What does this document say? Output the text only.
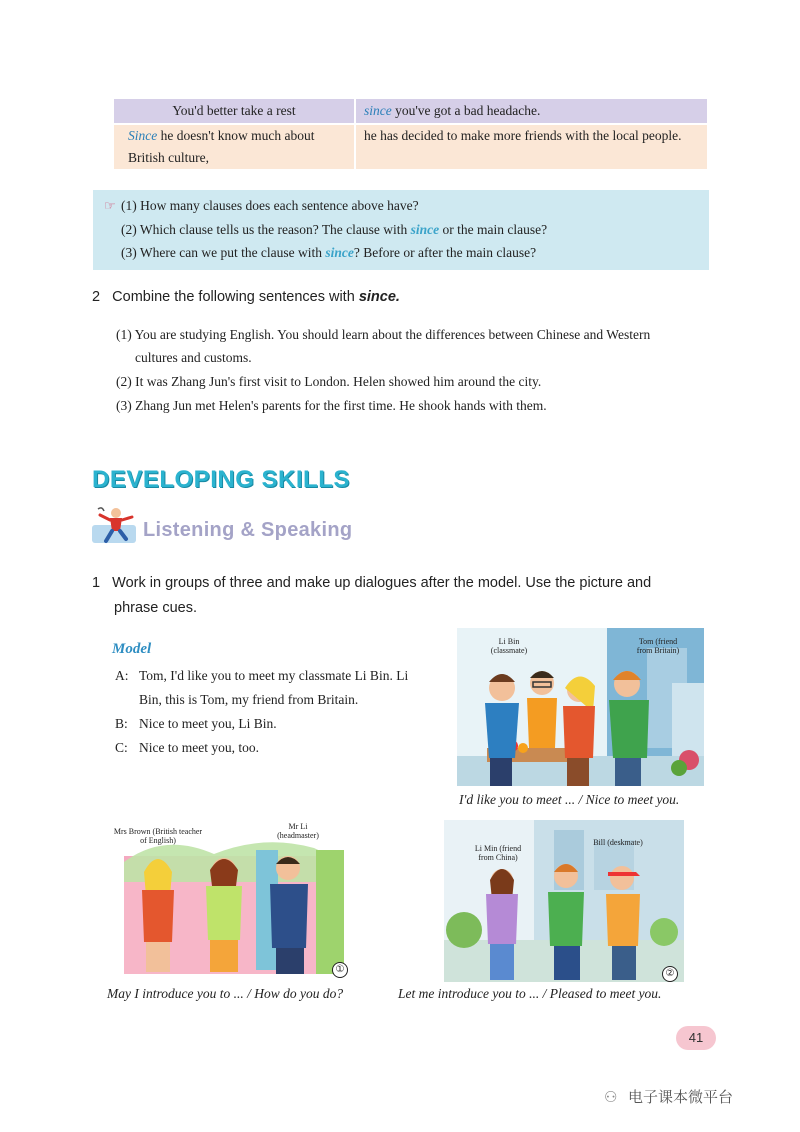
You'd better take a rest	since you've got a bad headache.
Since he doesn't know much about
British culture,
he has decided to make more friends with the local people.
☞ (1) How many clauses does each sentence above have?
(2) Which clause tells us the reason? The clause with since or the main clause?
(3) Where can we put the clause with since? Before or after the main clause?
2 Combine the following sentences with since.
(1) You are studying English. You should learn about the differences between Chinese and Western
cultures and customs.
(2) It was Zhang Jun's first visit to London. Helen showed him around the city.
(3) Zhang Jun met Helen's parents for the first time. He shook hands with them.
DEVELOPING SKILLS
Listening & Speaking
1 Work in groups of three and make up dialogues after the model. Use the picture and
phrase cues.
Model
A: Tom, I'd like you to meet my classmate Li Bin. Li
Bin, this is Tom, my friend from Britain.
B: Nice to meet you, Li Bin.
C: Nice to meet you, too.
Li Bin (classmate)
Tom (friend from Britain)
I'd like you to meet ... / Nice to meet you.
Mrs Brown (British teacher of English)
Mr Li (headmaster)
①
May I introduce you to ... / How do you do?
Li Min (friend from China)
Bill (deskmate)
②
Let me introduce you to ... / Pleased to meet you.
41
⚇ 电子课本微平台
